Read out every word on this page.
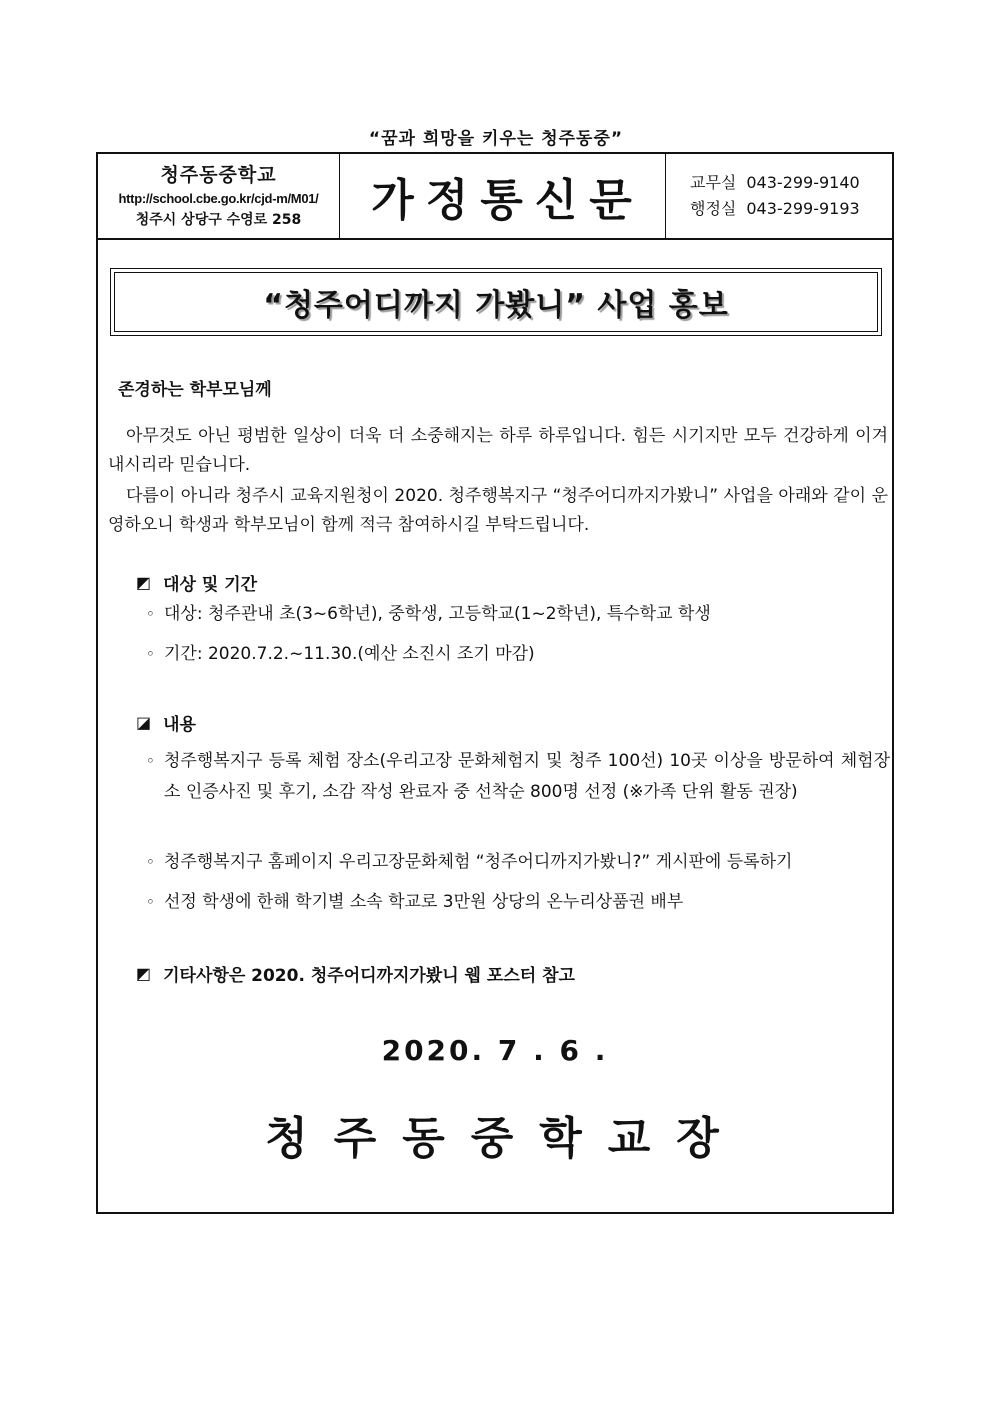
“꿈과 희망을 키우는 청주동중”
청주동중학교
http://school.cbe.go.kr/cjd-m/M01/
청주시 상당구 수영로 258	가정통신문	교무실 043-299-9140
행정실 043-299-9193
“청주어디까지 가봤니” 사업 홍보
존경하는 학부모님께
아무것도 아닌 평범한 일상이 더욱 더 소중해지는 하루 하루입니다. 힘든 시기지만 모두 건강하게 이겨내시리라 믿습니다.
다름이 아니라 청주시 교육지원청이 2020. 청주행복지구 “청주어디까지가봤니” 사업을 아래와 같이 운영하오니 학생과 학부모님이 함께 적극 참여하시길 부탁드립니다.
◩ 대상 및 기간
◦ 대상: 청주관내 초(3~6학년), 중학생, 고등학교(1~2학년), 특수학교 학생
◦ 기간: 2020.7.2.~11.30.(예산 소진시 조기 마감)
◪ 내용
◦ 청주행복지구 등록 체험 장소(우리고장 문화체험지 및 청주 100선) 10곳 이상을 방문하여 체험장소 인증사진 및 후기, 소감 작성 완료자 중 선착순 800명 선정 (※가족 단위 활동 권장)
◦ 청주행복지구 홈페이지 우리고장문화체험 “청주어디까지가봤니?” 게시판에 등록하기
◦ 선정 학생에 한해 학기별 소속 학교로 3만원 상당의 온누리상품권 배부
◩ 기타사항은 2020. 청주어디까지가봤니 웹 포스터 참고
2020. 7 . 6 .
청주동중학교장
